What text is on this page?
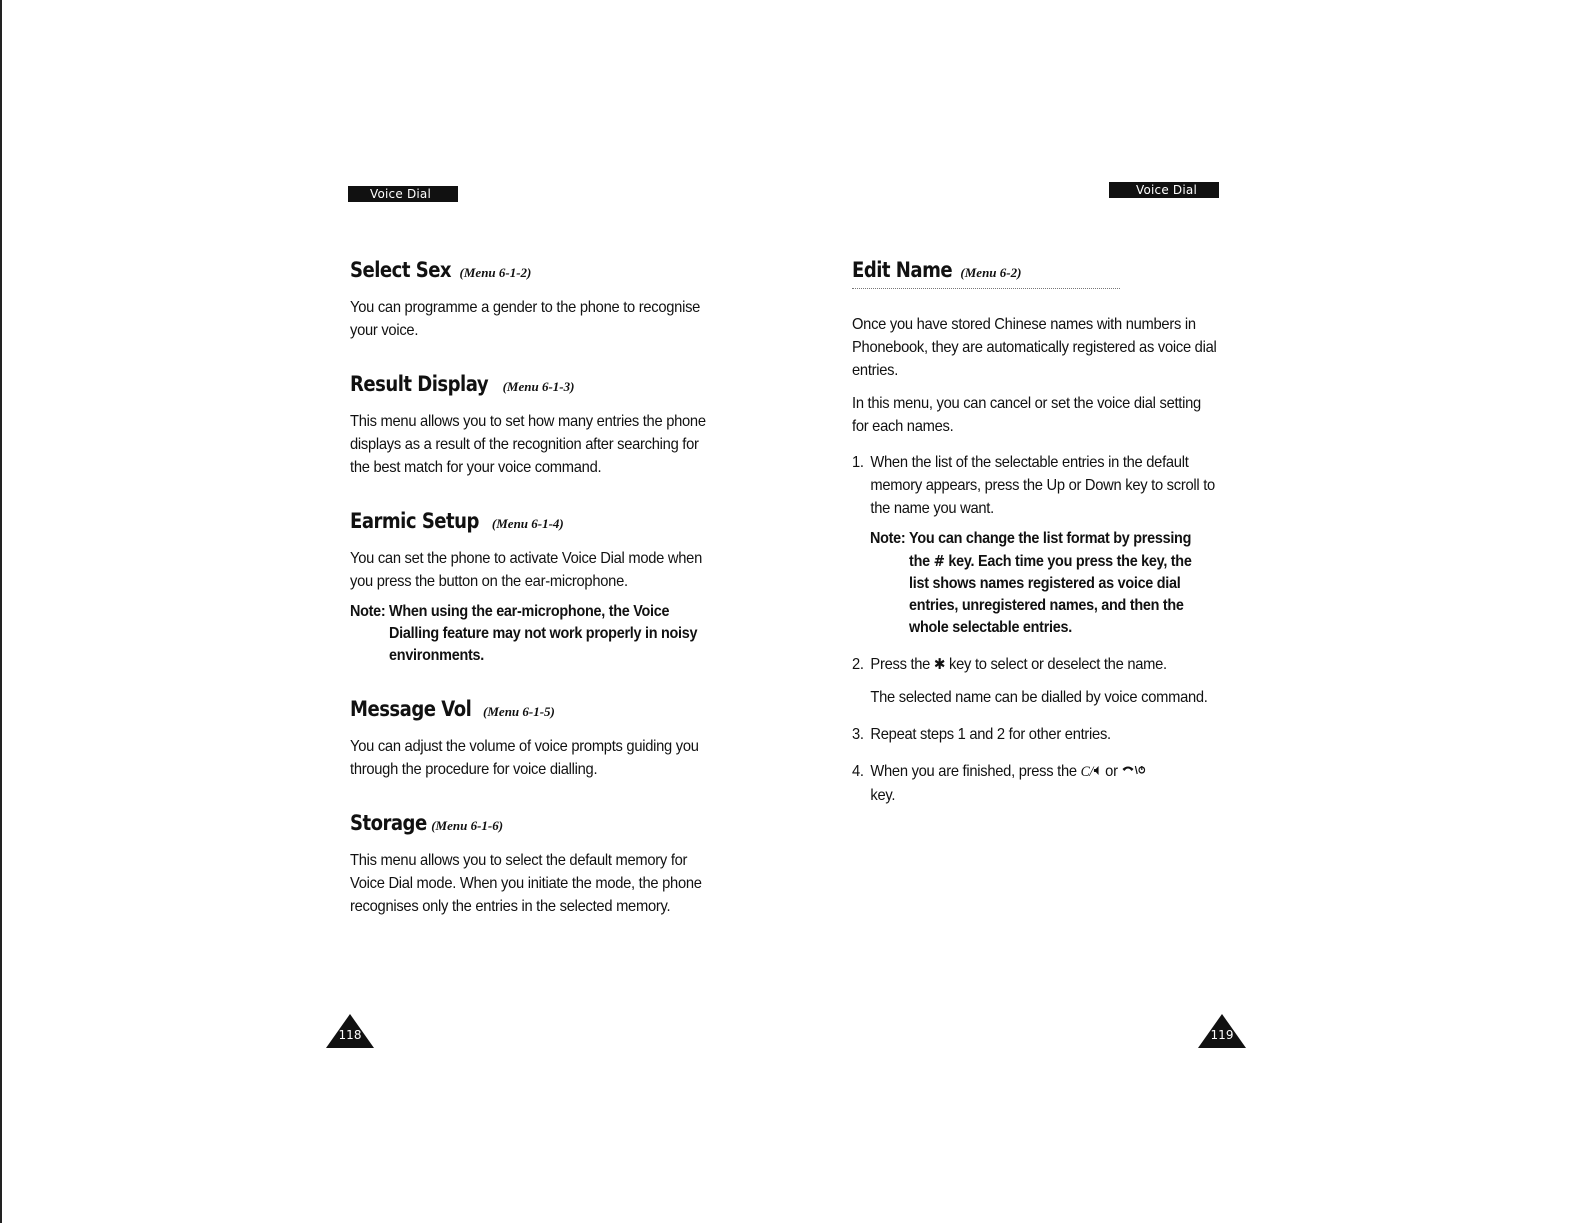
Voice Dial	Voice Dial
Select Sex (Menu 6-1-2)

You can programme a gender to the phone to recognise your voice.

Result Display (Menu 6-1-3)

This menu allows you to set how many entries the phone displays as a result of the recognition after searching for the best match for your voice command.

Earmic Setup (Menu 6-1-4)

You can set the phone to activate Voice Dial mode when you press the button on the ear-microphone.

Note: When using the ear-microphone, the Voice Dialling feature may not work properly in noisy environments.
Message Vol (Menu 6-1-5)

You can adjust the volume of voice prompts guiding you through the procedure for voice dialling.

Storage (Menu 6-1-6)

This menu allows you to select the default memory for Voice Dial mode. When you initiate the mode, the phone recognises only the entries in the selected memory.

118
Edit Name (Menu 6-2)

Once you have stored Chinese names with numbers in Phonebook, they are automatically registered as voice dial entries.

In this menu, you can cancel or set the voice dial setting for each names.

1. When the list of the selectable entries in the default memory appears, press the Up or Down key to scroll to the name you want.
Note: You can change the list format by pressing the # key. Each time you press the key, the list shows names registered as voice dial entries, unregistered names, and then the whole selectable entries.
2. Press the ✱ key to select or deselect the name.

The selected name can be dialled by voice command.

3. Repeat steps 1 and 2 for other entries.
4. When you are finished, press the C/ or
key.
119
